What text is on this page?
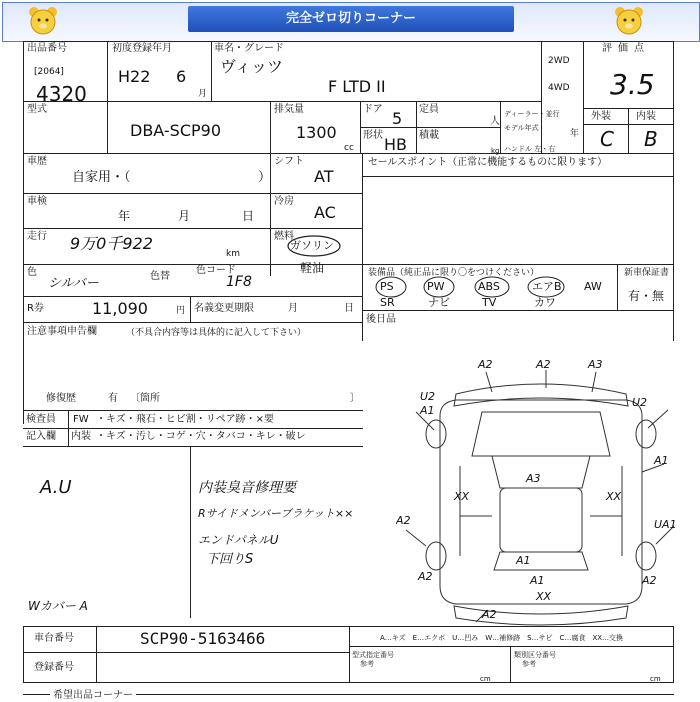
完全ゼロ切りコーナー
出品番号
[2064]
4320
初度登録年月
H22 6
月
車名・グレード
ヴィッツ
F LTD II
2WD
4WD
評価点
3.5
外装	内装
C B
型式
DBA-SCP90
排気量
1300
cc
ドア 5
形状 HB
定員
人
積載
kg
ディーラー・並行
モデル年式
年
ハンドル 左・右
車歴
自家用・（	）
シフト
AT
車検
年	月	日
冷房
AC
走行 9万0千922
km
燃料
ガソリン
軽油
色
シルバー	色替
色コード
1F8
R券	11,090	円 名義変更期限	月	日
セールスポイント（正常に機能するものに限ります）
装備品（純正品に限り〇をつけください）
PS	PW	ABS	エアB AW
SR	ナビ	TV	カワ
新車保証書
有・無
後日品
注意事項申告欄	（不具合内容等は具体的に記入して下さい）
修復歴	有 〔箇所	〕
検査員
記入欄
FW ・キズ・飛石・ヒビ割・リペア跡・×要
内装 ・キズ・汚し・コゲ・穴・タバコ・キレ・破レ
A.U
Wカバー A
内装臭音修理要
Rサイドメンバーブラケット××
エンドパネルU
下回りS
A2	A2	A3
U2
A1
U2
A1
A3
XX	XX
A2	UA1
A1
A2	A1	A2
XX
A2
車台番号	SCP90-5163466
登録番号
A…キズ　E…エクボ　U…凹み　W…補修跡　S…サビ　C…腐食　XX…交換
型式指定番号
参考
類別区分番号
参考
cm	cm
希望出品コーナー
